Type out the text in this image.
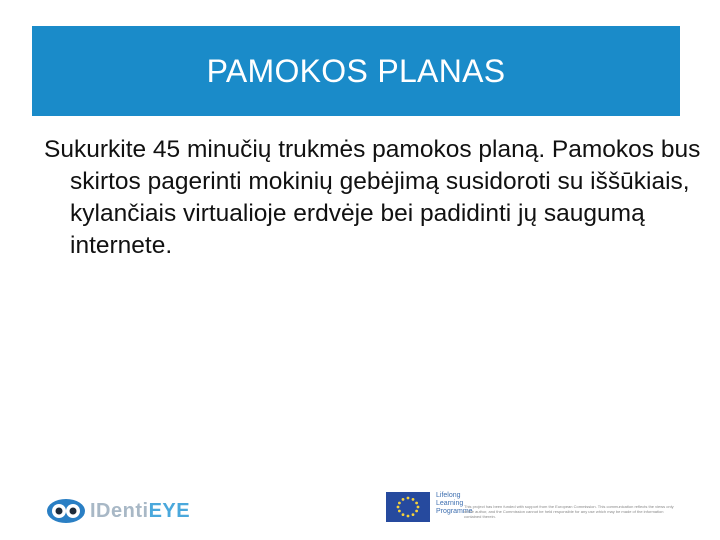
PAMOKOS PLANAS

Sukurkite 45 minučių trukmės pamokos planą. Pamokos bus skirtos pagerinti mokinių gebėjimą susidoroti su iššūkiais, kylančiais virtualioje erdvėje bei padidinti jų saugumą internete.

IDentiEYE
Lifelong
Learning
Programme
This project has been funded with support from the European Commission. This communication reflects the views only of the author, and the Commission cannot be held responsible for any use which may be made of the information contained therein.
